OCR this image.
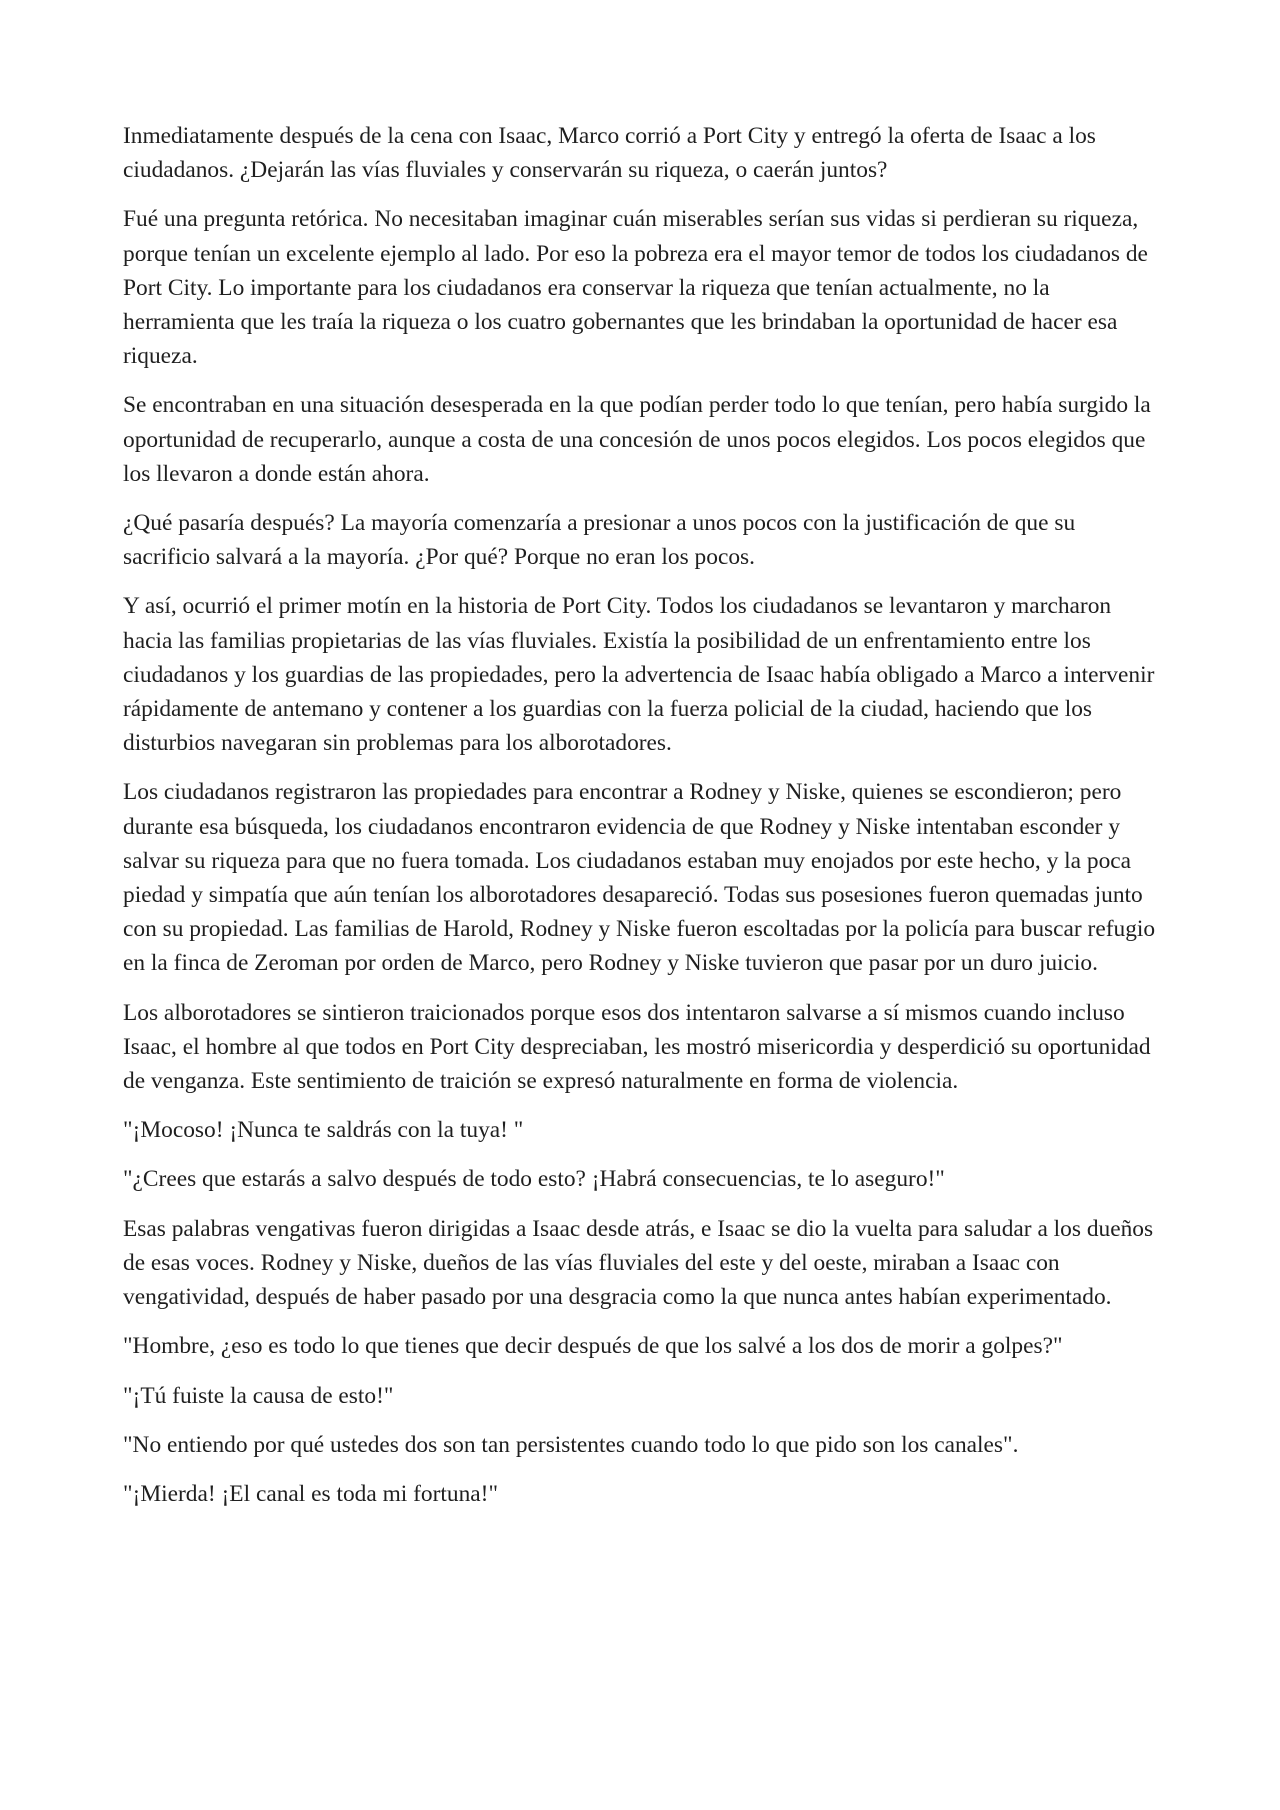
Inmediatamente después de la cena con Isaac, Marco corrió a Port City y entregó la oferta de Isaac a los ciudadanos. ¿Dejarán las vías fluviales y conservarán su riqueza, o caerán juntos?

Fué una pregunta retórica. No necesitaban imaginar cuán miserables serían sus vidas si perdieran su riqueza, porque tenían un excelente ejemplo al lado. Por eso la pobreza era el mayor temor de todos los ciudadanos de Port City. Lo importante para los ciudadanos era conservar la riqueza que tenían actualmente, no la herramienta que les traía la riqueza o los cuatro gobernantes que les brindaban la oportunidad de hacer esa riqueza.

Se encontraban en una situación desesperada en la que podían perder todo lo que tenían, pero había surgido la oportunidad de recuperarlo, aunque a costa de una concesión de unos pocos elegidos. Los pocos elegidos que los llevaron a donde están ahora.

¿Qué pasaría después? La mayoría comenzaría a presionar a unos pocos con la justificación de que su sacrificio salvará a la mayoría. ¿Por qué? Porque no eran los pocos.

Y así, ocurrió el primer motín en la historia de Port City. Todos los ciudadanos se levantaron y marcharon hacia las familias propietarias de las vías fluviales. Existía la posibilidad de un enfrentamiento entre los ciudadanos y los guardias de las propiedades, pero la advertencia de Isaac había obligado a Marco a intervenir rápidamente de antemano y contener a los guardias con la fuerza policial de la ciudad, haciendo que los disturbios navegaran sin problemas para los alborotadores.

Los ciudadanos registraron las propiedades para encontrar a Rodney y Niske, quienes se escondieron; pero durante esa búsqueda, los ciudadanos encontraron evidencia de que Rodney y Niske intentaban esconder y salvar su riqueza para que no fuera tomada. Los ciudadanos estaban muy enojados por este hecho, y la poca piedad y simpatía que aún tenían los alborotadores desapareció. Todas sus posesiones fueron quemadas junto con su propiedad. Las familias de Harold, Rodney y Niske fueron escoltadas por la policía para buscar refugio en la finca de Zeroman por orden de Marco, pero Rodney y Niske tuvieron que pasar por un duro juicio.

Los alborotadores se sintieron traicionados porque esos dos intentaron salvarse a sí mismos cuando incluso Isaac, el hombre al que todos en Port City despreciaban, les mostró misericordia y desperdició su oportunidad de venganza. Este sentimiento de traición se expresó naturalmente en forma de violencia.

"¡Mocoso! ¡Nunca te saldrás con la tuya! "

"¿Crees que estarás a salvo después de todo esto? ¡Habrá consecuencias, te lo aseguro!"

Esas palabras vengativas fueron dirigidas a Isaac desde atrás, e Isaac se dio la vuelta para saludar a los dueños de esas voces. Rodney y Niske, dueños de las vías fluviales del este y del oeste, miraban a Isaac con vengatividad, después de haber pasado por una desgracia como la que nunca antes habían experimentado.

"Hombre, ¿eso es todo lo que tienes que decir después de que los salvé a los dos de morir a golpes?"

"¡Tú fuiste la causa de esto!"

"No entiendo por qué ustedes dos son tan persistentes cuando todo lo que pido son los canales".

"¡Mierda! ¡El canal es toda mi fortuna!"
